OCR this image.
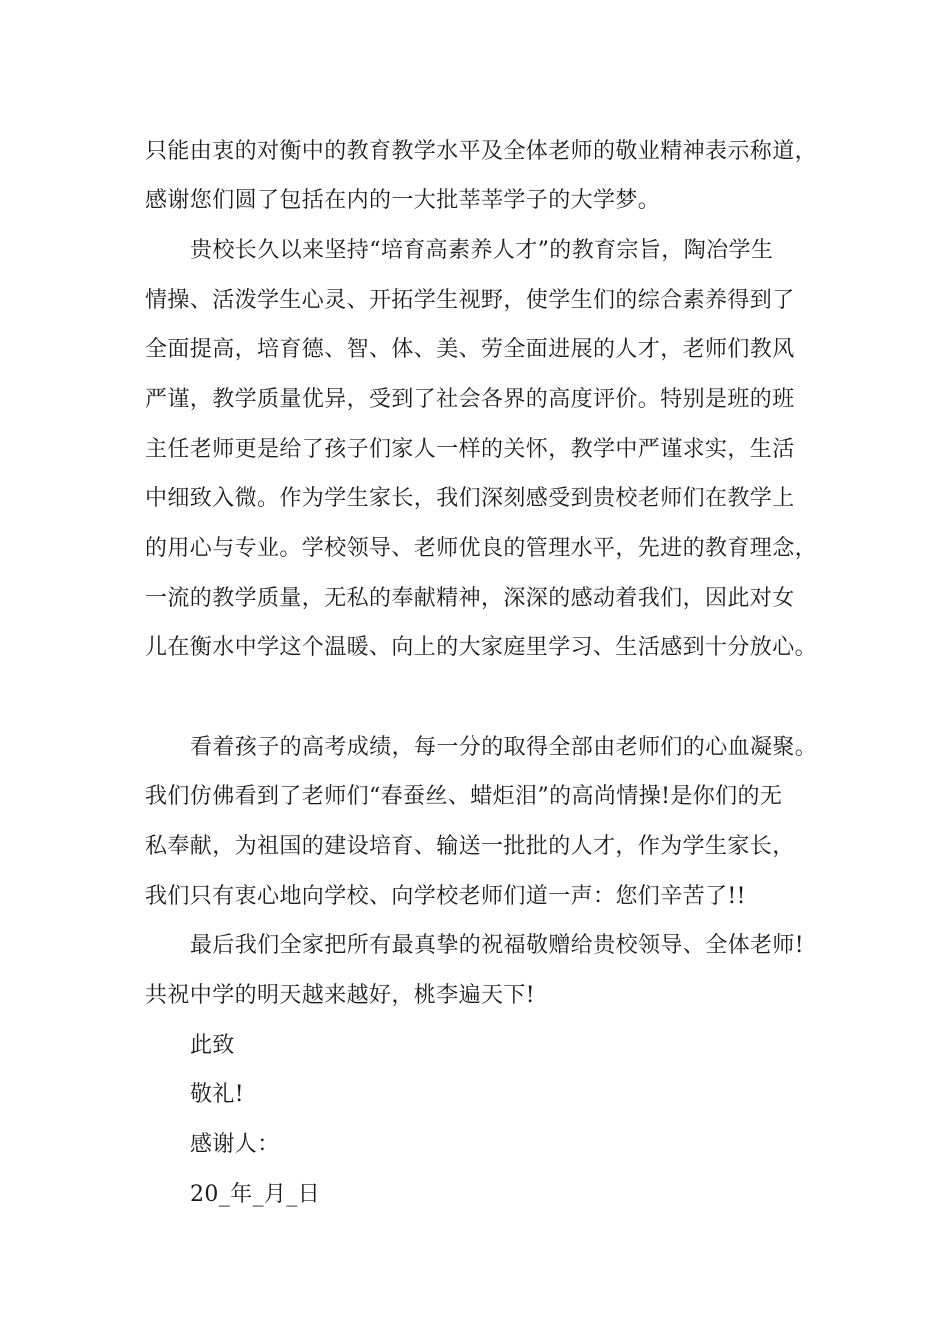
只能由衷的对衡中的教育教学水平及全体老师的敬业精神表示称道，
感谢您们圆了包括在内的一大批莘莘学子的大学梦。
贵校长久以来坚持“培育高素养人才”的教育宗旨，陶冶学生
情操、活泼学生心灵、开拓学生视野，使学生们的综合素养得到了
全面提高，培育德、智、体、美、劳全面进展的人才，老师们教风
严谨，教学质量优异，受到了社会各界的高度评价。特别是班的班
主任老师更是给了孩子们家人一样的关怀，教学中严谨求实，生活
中细致入微。作为学生家长，我们深刻感受到贵校老师们在教学上
的用心与专业。学校领导、老师优良的管理水平，先进的教育理念，
一流的教学质量，无私的奉献精神，深深的感动着我们，因此对女
儿在衡水中学这个温暖、向上的大家庭里学习、生活感到十分放心。
看着孩子的高考成绩，每一分的取得全部由老师们的心血凝聚。
我们仿佛看到了老师们“春蚕丝、蜡炬泪”的高尚情操!是你们的无
私奉献，为祖国的建设培育、输送一批批的人才，作为学生家长，
我们只有衷心地向学校、向学校老师们道一声：您们辛苦了!!
最后我们全家把所有最真挚的祝福敬赠给贵校领导、全体老师!
共祝中学的明天越来越好，桃李遍天下!
此致
敬礼!
感谢人：
20_年_月_日
